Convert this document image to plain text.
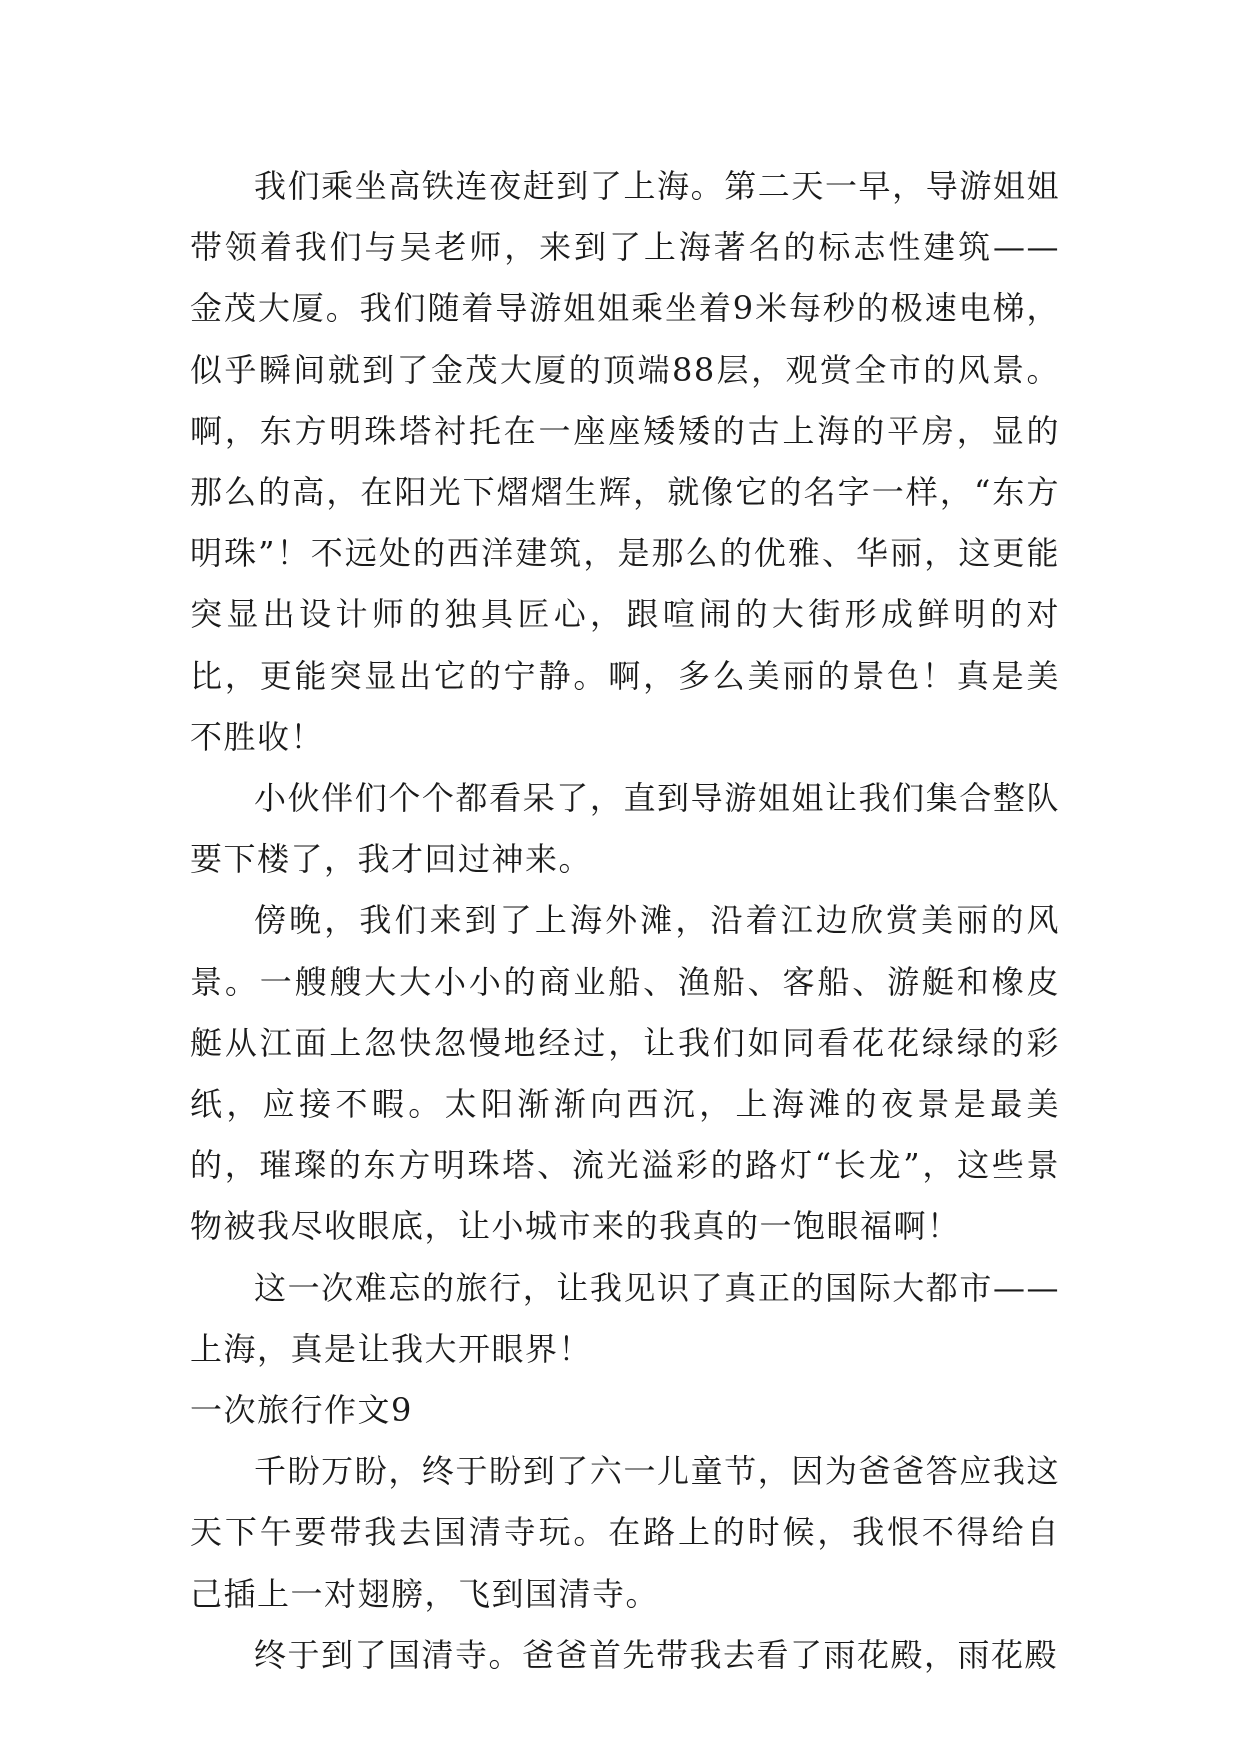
我们乘坐高铁连夜赶到了上海。第二天一早，导游姐姐带领着我们与吴老师，来到了上海著名的标志性建筑——金茂大厦。我们随着导游姐姐乘坐着9米每秒的极速电梯，似乎瞬间就到了金茂大厦的顶端88层，观赏全市的风景。啊，东方明珠塔衬托在一座座矮矮的古上海的平房，显的那么的高，在阳光下熠熠生辉，就像它的名字一样，“东方明珠”！不远处的西洋建筑，是那么的优雅、华丽，这更能突显出设计师的独具匠心，跟喧闹的大街形成鲜明的对比，更能突显出它的宁静。啊，多么美丽的景色！真是美不胜收！

小伙伴们个个都看呆了，直到导游姐姐让我们集合整队要下楼了，我才回过神来。

傍晚，我们来到了上海外滩，沿着江边欣赏美丽的风景。一艘艘大大小小的商业船、渔船、客船、游艇和橡皮艇从江面上忽快忽慢地经过，让我们如同看花花绿绿的彩纸，应接不暇。太阳渐渐向西沉，上海滩的夜景是最美的，璀璨的东方明珠塔、流光溢彩的路灯“长龙”，这些景物被我尽收眼底，让小城市来的我真的一饱眼福啊！

这一次难忘的旅行，让我见识了真正的国际大都市——上海，真是让我大开眼界！

一次旅行作文9

千盼万盼，终于盼到了六一儿童节，因为爸爸答应我这天下午要带我去国清寺玩。在路上的时候，我恨不得给自己插上一对翅膀，飞到国清寺。

终于到了国清寺。爸爸首先带我去看了雨花殿，雨花殿
